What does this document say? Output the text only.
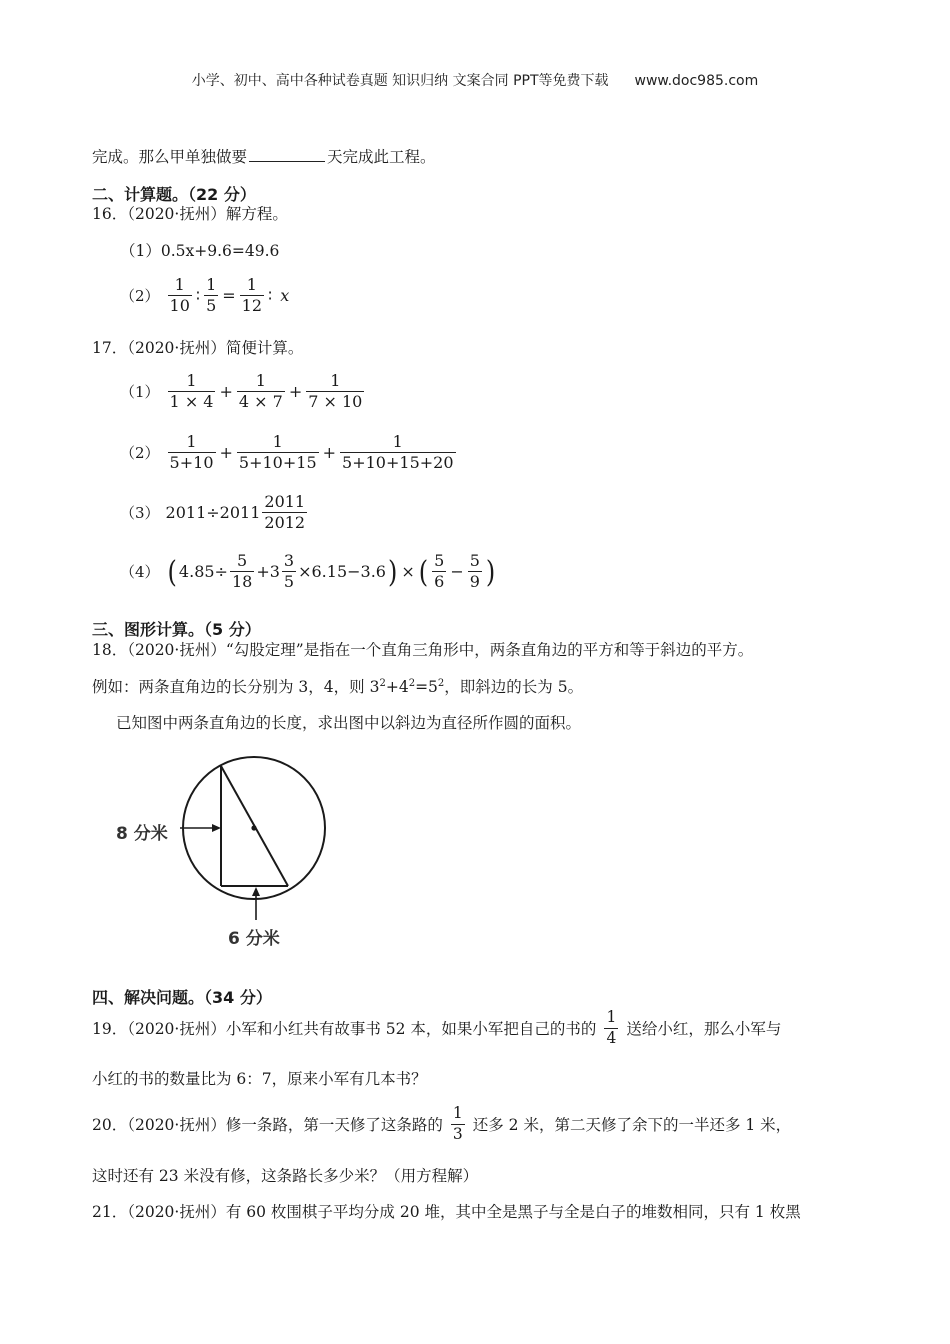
小学、初中、高中各种试卷真题 知识归纳 文案合同 PPT等免费下载 www.doc985.com
完成。那么甲单独做要	天完成此工程。
二、计算题。（22 分）
16．（2020·抚州）解方程。
（1）0.5x+9.6=49.6
$(2) \frac{1}{10}$ ∶ $\frac{1}{5} = \frac{1}{12}$ ∶ x
17．（2020·抚州）简便计算。
$(1) \frac{1}{1 \times 4} + \frac{1}{4 \times 7} + \frac{1}{7 \times 10}$
$(2) \frac{1}{5+10} + \frac{1}{5+10+15} + \frac{1}{5+10+15+20}$
（3） $2011\div 2011 \frac{2011}{2012}$
（4） ( $4.85\div \frac{5}{18} +3 \frac{3}{5} \times 6.15-3.6$ ) × ( $\frac{5}{6} - \frac{5}{9}$ )
三、图形计算。（5 分）
18．（2020·抚州）“勾股定理”是指在一个直角三角形中，两条直角边的平方和等于斜边的平方。
例如：两条直角边的长分别为 3，4，则 $3^2+4^2=5^2$，即斜边的长为 5。
已知图中两条直角边的长度，求出图中以斜边为直径所作圆的面积。
8 分米
6 分米
四、解决问题。（34 分）
19．（2020·抚州）小军和小红共有故事书 52 本，如果小军把自己的书的 $\frac{1}{4}$ 送给小红，那么小军与
小红的书的数量比为 6：7，原来小军有几本书？
20．（2020·抚州）修一条路，第一天修了这条路的 $\frac{1}{3}$ 还多 2 米，第二天修了余下的一半还多 1 米，
这时还有 23 米没有修，这条路长多少米？（用方程解）
21．（2020·抚州）有 60 枚围棋子平均分成 20 堆，其中全是黑子与全是白子的堆数相同，只有 1 枚黑
